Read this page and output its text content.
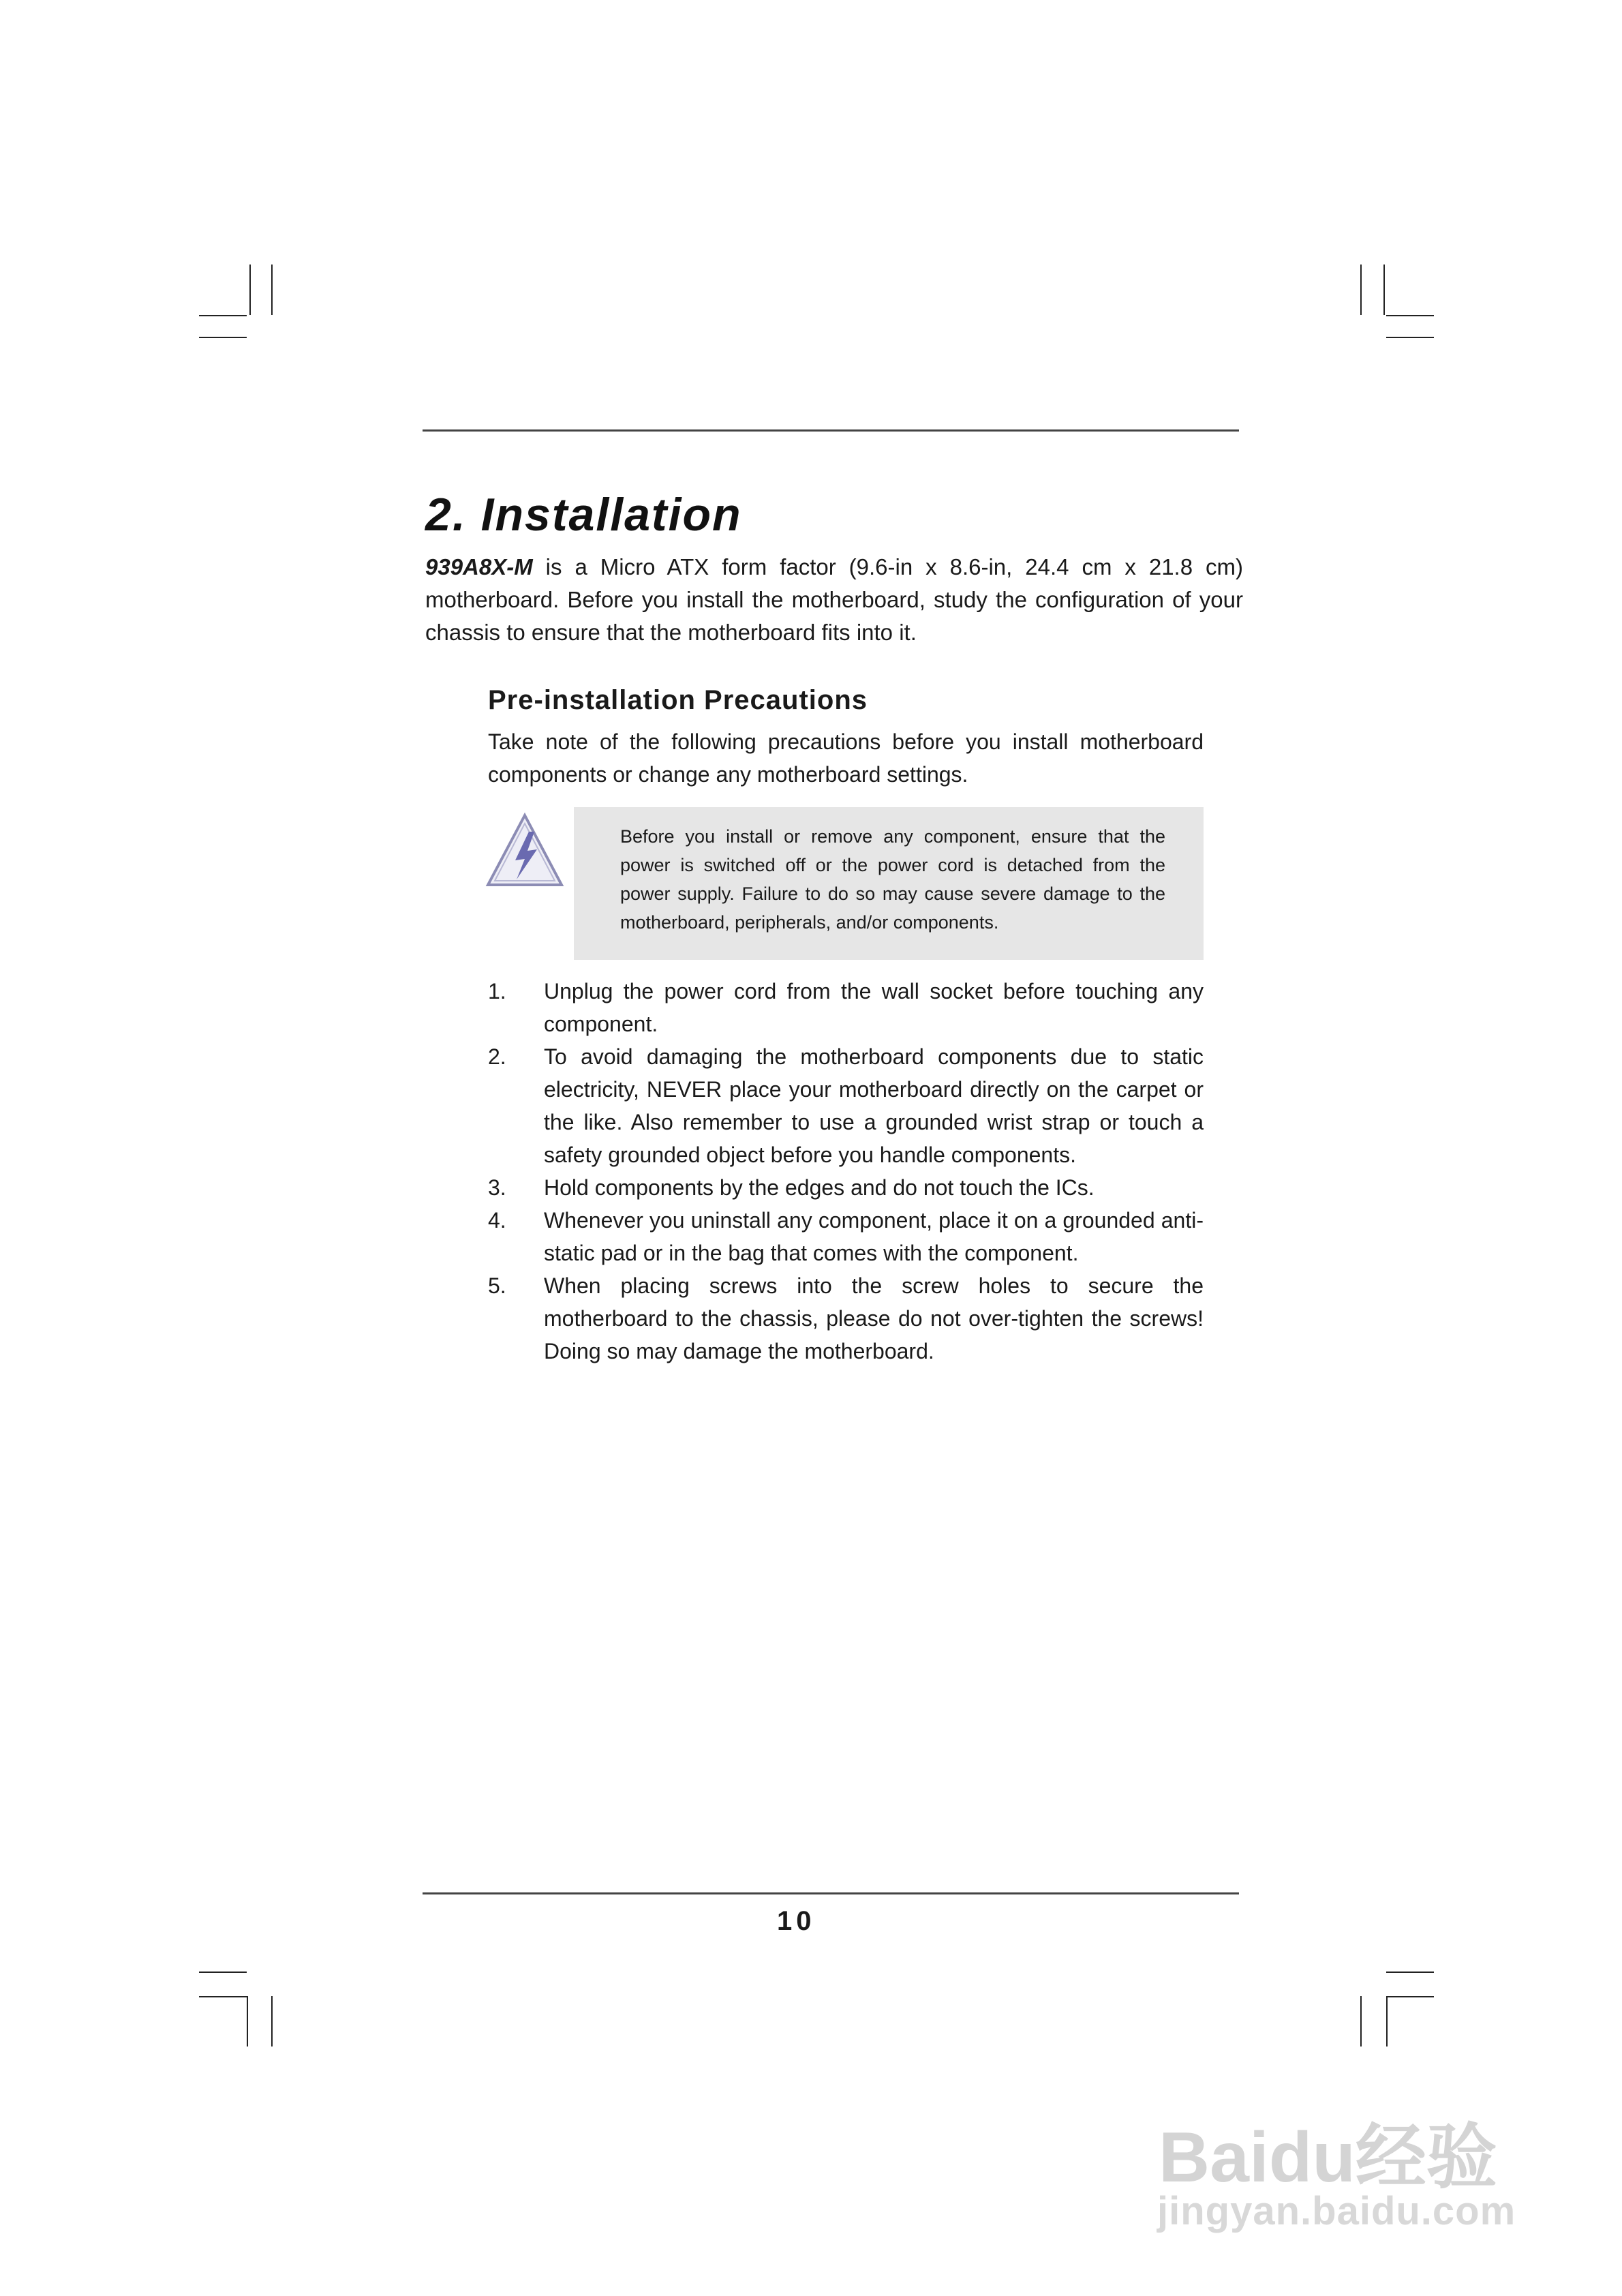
2. Installation
939A8X-M is a Micro ATX form factor (9.6-in x 8.6-in, 24.4 cm x 21.8 cm) motherboard. Before you install the motherboard, study the configuration of your chassis to ensure that the motherboard fits into it.
Pre-installation Precautions
Take note of the following precautions before you install motherboard components or change any motherboard settings.
Before you install or remove any component, ensure that the power is switched off or the power cord is detached from the power supply. Failure to do so may cause severe damage to the motherboard, peripherals, and/or components.
1.	Unplug the power cord from the wall socket before touching any component.
2.	To avoid damaging the motherboard components due to static electricity, NEVER place your motherboard directly on the carpet or the like. Also remember to use a grounded wrist strap or touch a safety grounded object before you handle components.
3.	Hold components by the edges and do not touch the ICs.
4.	Whenever you uninstall any component, place it on a grounded anti-static pad or in the bag that comes with the component.
5.	When placing screws into the screw holes to secure the motherboard to the chassis, please do not over-tighten the screws! Doing so may damage the motherboard.
10
Baidu经验
jingyan.baidu.com
